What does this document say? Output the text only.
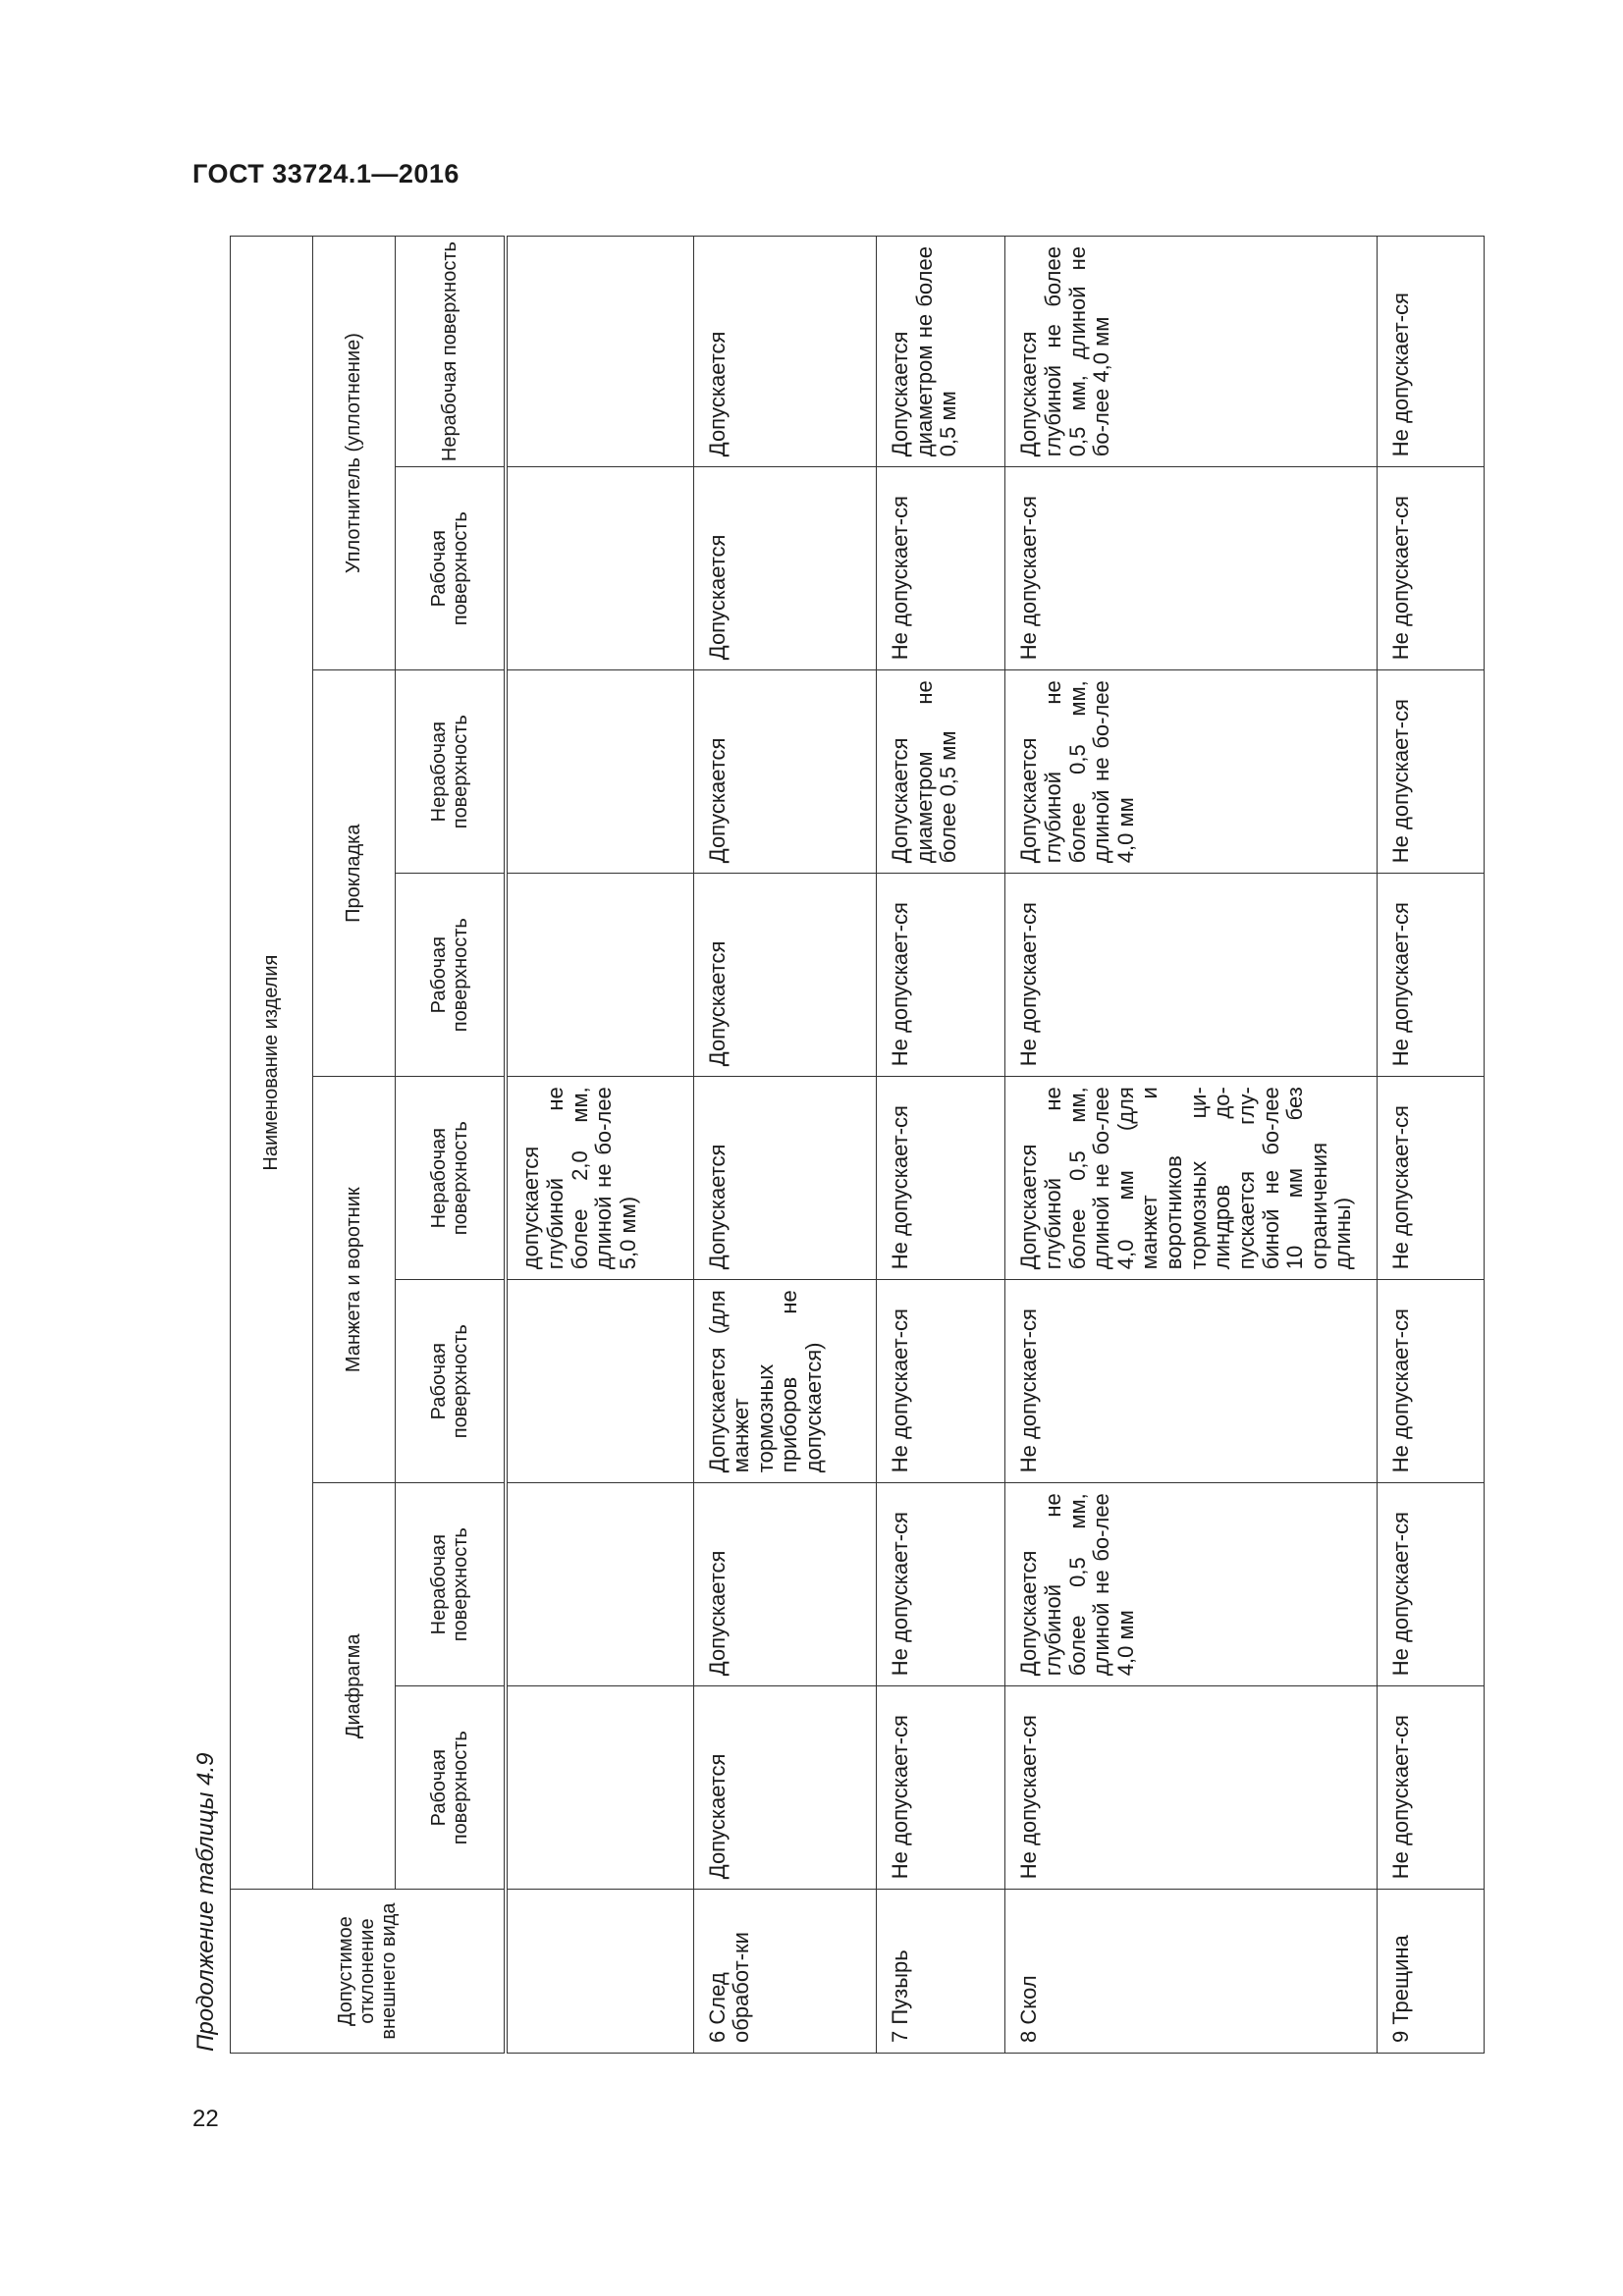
ГОСТ 33724.1—2016
Продолжение таблицы 4.9	Допустимое отклонение внешнего вида	Наименование изделия							
	Диафрагма		Манжета и воротник		Прокладка		Уплотнитель (уплотнение)	
	Рабочая поверхность	Нерабочая поверхность	Рабочая поверхность	Нерабочая поверхность	Рабочая поверхность	Нерабочая поверхность	Рабочая поверхность	Нерабочая поверхность
				допускается глубиной не более 2,0 мм, длиной не бо-лее 5,0 мм)				
6 След обработ-ки	Допускается	Допускается	Допускается (для манжет тормозных приборов не допускается)	Допускается	Допускается	Допускается	Допускается	Допускается
7 Пузырь	Не допускает-ся	Не допускает-ся	Не допускает-ся	Не допускает-ся	Не допускает-ся	Допускается диаметром не более 0,5 мм	Не допускает-ся	Допускается диаметром не более 0,5 мм
8 Скол	Не допускает-ся	Допускается глубиной не более 0,5 мм, длиной не бо-лее 4,0 мм	Не допускает-ся	Допускается глубиной не более 0,5 мм, длиной не бо-лее 4,0 мм (для манжет и воротников тормозных ци-линдров до-пускается глу-биной не бо-лее 10 мм без ограничения длины)	Не допускает-ся	Допускается глубиной не более 0,5 мм, длиной не бо-лее 4,0 мм	Не допускает-ся	Допускается глубиной не более 0,5 мм, длиной не бо-лее 4,0 мм
9 Трещина	Не допускает-ся	Не допускает-ся	Не допускает-ся	Не допускает-ся	Не допускает-ся	Не допускает-ся	Не допускает-ся	Не допускает-ся
22
